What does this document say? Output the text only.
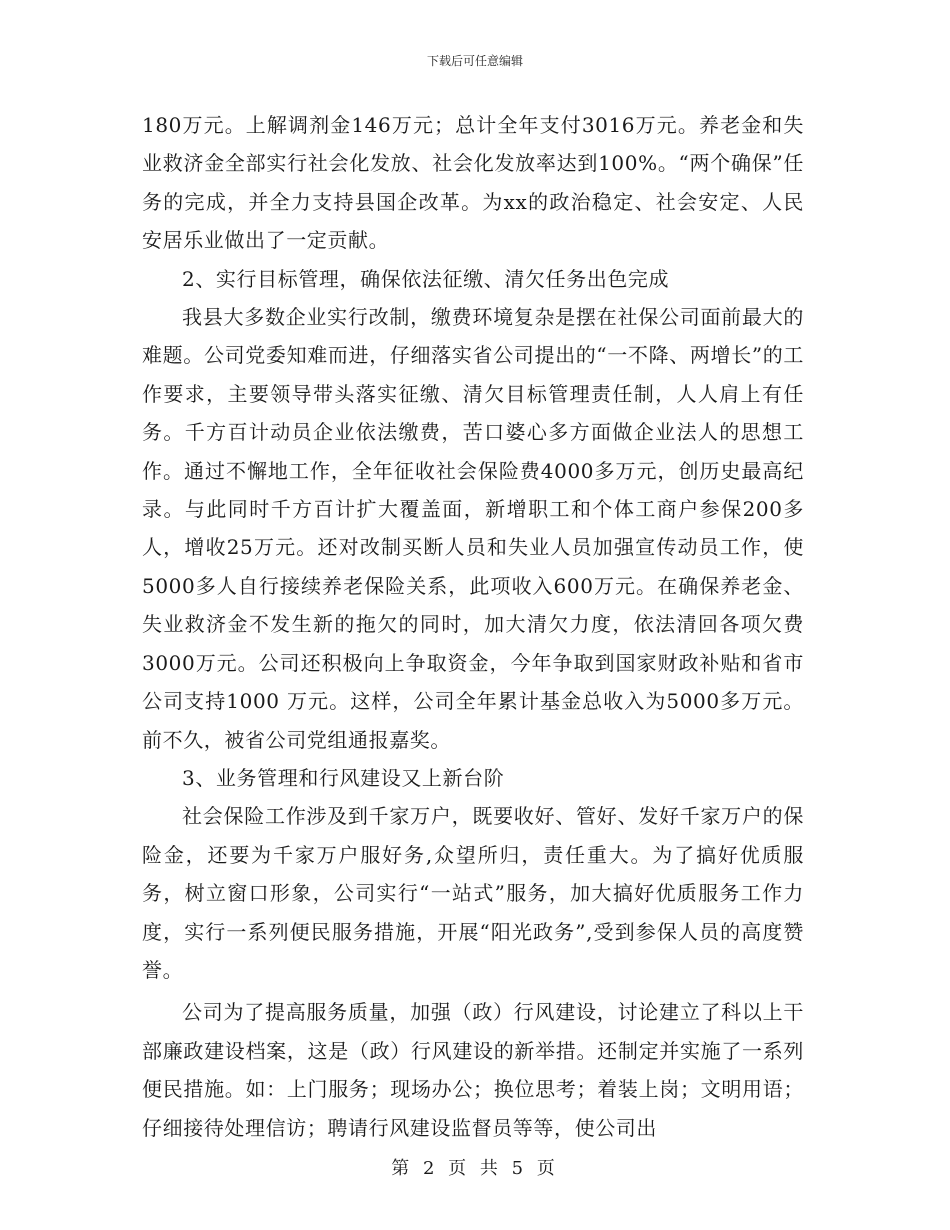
下载后可任意编辑

180万元。上解调剂金146万元；总计全年支付3016万元。养老金和失业救济金全部实行社会化发放、社会化发放率达到100%。“两个确保”任务的完成，并全力支持县国企改革。为xx的政治稳定、社会安定、人民安居乐业做出了一定贡献。

2、实行目标管理，确保依法征缴、清欠任务出色完成

我县大多数企业实行改制，缴费环境复杂是摆在社保公司面前最大的难题。公司党委知难而进，仔细落实省公司提出的“一不降、两增长”的工作要求，主要领导带头落实征缴、清欠目标管理责任制，人人肩上有任务。千方百计动员企业依法缴费，苦口婆心多方面做企业法人的思想工作。通过不懈地工作，全年征收社会保险费4000多万元，创历史最高纪录。与此同时千方百计扩大覆盖面，新增职工和个体工商户参保200多人，增收25万元。还对改制买断人员和失业人员加强宣传动员工作，使5000多人自行接续养老保险关系，此项收入600万元。在确保养老金、失业救济金不发生新的拖欠的同时，加大清欠力度，依法清回各项欠费3000万元。公司还积极向上争取资金，今年争取到国家财政补贴和省市公司支持1000 万元。这样，公司全年累计基金总收入为5000多万元。前不久，被省公司党组通报嘉奖。

3、业务管理和行风建设又上新台阶

社会保险工作涉及到千家万户，既要收好、管好、发好千家万户的保险金，还要为千家万户服好务,众望所归，责任重大。为了搞好优质服务，树立窗口形象，公司实行“一站式”服务，加大搞好优质服务工作力度，实行一系列便民服务措施，开展“阳光政务”,受到参保人员的高度赞誉。

公司为了提高服务质量，加强（政）行风建设，讨论建立了科以上干部廉政建设档案，这是（政）行风建设的新举措。还制定并实施了一系列便民措施。如：上门服务；现场办公；换位思考；着装上岗；文明用语；仔细接待处理信访；聘请行风建设监督员等等，使公司出

第 2 页 共 5 页
